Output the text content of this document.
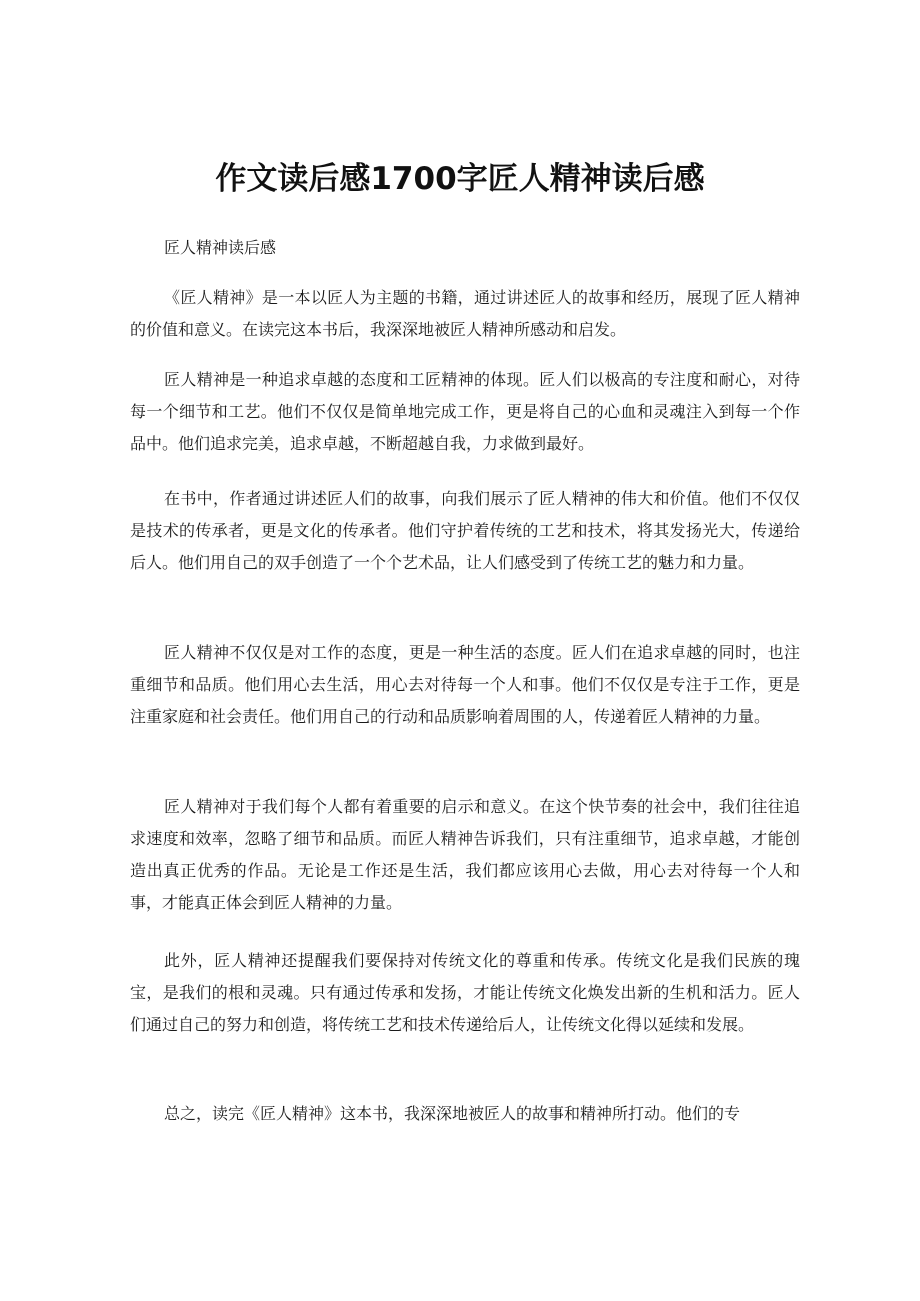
作文读后感1700字匠人精神读后感

匠人精神读后感

《匠人精神》是一本以匠人为主题的书籍，通过讲述匠人的故事和经历，展现了匠人精神的价值和意义。在读完这本书后，我深深地被匠人精神所感动和启发。

匠人精神是一种追求卓越的态度和工匠精神的体现。匠人们以极高的专注度和耐心，对待每一个细节和工艺。他们不仅仅是简单地完成工作，更是将自己的心血和灵魂注入到每一个作品中。他们追求完美，追求卓越，不断超越自我，力求做到最好。

在书中，作者通过讲述匠人们的故事，向我们展示了匠人精神的伟大和价值。他们不仅仅是技术的传承者，更是文化的传承者。他们守护着传统的工艺和技术，将其发扬光大，传递给后人。他们用自己的双手创造了一个个艺术品，让人们感受到了传统工艺的魅力和力量。

匠人精神不仅仅是对工作的态度，更是一种生活的态度。匠人们在追求卓越的同时，也注重细节和品质。他们用心去生活，用心去对待每一个人和事。他们不仅仅是专注于工作，更是注重家庭和社会责任。他们用自己的行动和品质影响着周围的人，传递着匠人精神的力量。

匠人精神对于我们每个人都有着重要的启示和意义。在这个快节奏的社会中，我们往往追求速度和效率，忽略了细节和品质。而匠人精神告诉我们，只有注重细节，追求卓越，才能创造出真正优秀的作品。无论是工作还是生活，我们都应该用心去做，用心去对待每一个人和事，才能真正体会到匠人精神的力量。

此外，匠人精神还提醒我们要保持对传统文化的尊重和传承。传统文化是我们民族的瑰宝，是我们的根和灵魂。只有通过传承和发扬，才能让传统文化焕发出新的生机和活力。匠人们通过自己的努力和创造，将传统工艺和技术传递给后人，让传统文化得以延续和发展。

总之，读完《匠人精神》这本书，我深深地被匠人的故事和精神所打动。他们的专
